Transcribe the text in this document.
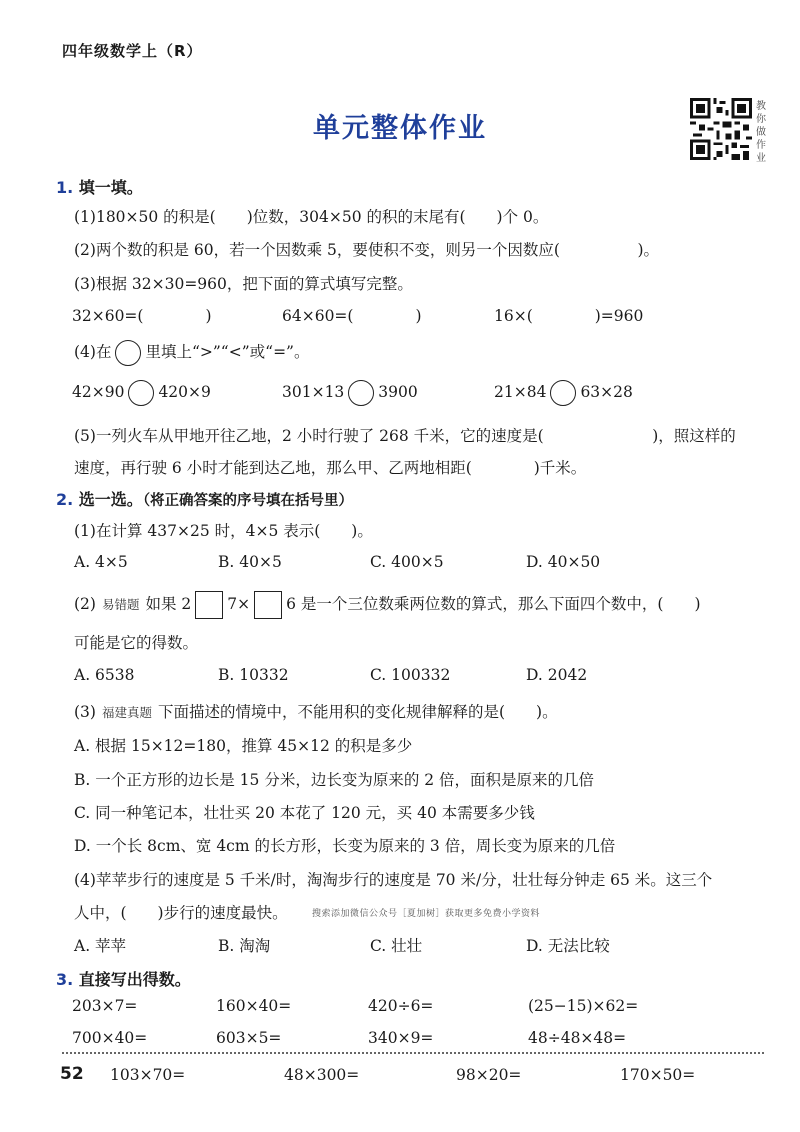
四年级数学上（R）
单元整体作业
教你做作业
1. 填一填。
(1)180×50 的积是(　　)位数，304×50 的积的末尾有(　　)个 0。
(2)两个数的积是 60，若一个因数乘 5，要使积不变，则另一个因数应(　　　　　)。
(3)根据 32×30=960，把下面的算式填写完整。
32×60=(　　　　)	64×60=(　　　　)	16×(　　　　)=960
(4)在 里填上“>”“<”或“=”。
42×90 420×9	301×13 3900	21×84 63×28
(5)一列火车从甲地开往乙地，2 小时行驶了 268 千米，它的速度是(　　　　　　　)，照这样的
速度，再行驶 6 小时才能到达乙地，那么甲、乙两地相距(　　　　)千米。
2. 选一选。（将正确答案的序号填在括号里）
(1)在计算 437×25 时，4×5 表示(　　)。
A. 4×5	B. 40×5	C. 400×5	D. 40×50
(2) 易错题 如果 2 7× 6 是一个三位数乘两位数的算式，那么下面四个数中，(　　)
可能是它的得数。
A. 6538	B. 10332	C. 100332	D. 2042
(3) 福建真题 下面描述的情境中，不能用积的变化规律解释的是(　　)。
A. 根据 15×12=180，推算 45×12 的积是多少
B. 一个正方形的边长是 15 分米，边长变为原来的 2 倍，面积是原来的几倍
C. 同一种笔记本，壮壮买 20 本花了 120 元，买 40 本需要多少钱
D. 一个长 8cm、宽 4cm 的长方形，长变为原来的 3 倍，周长变为原来的几倍
(4)苹苹步行的速度是 5 千米/时，淘淘步行的速度是 70 米/分，壮壮每分钟走 65 米。这三个
人中，(　　)步行的速度最快。	搜索添加微信公众号［夏加树］获取更多免费小学资料
A. 苹苹	B. 淘淘	C. 壮壮	D. 无法比较
3. 直接写出得数。
203×7=	160×40=	420÷6=	(25−15)×62=
700×40=	603×5=	340×9=	48÷48×48=
52 103×70=	48×300=	98×20=	170×50=
